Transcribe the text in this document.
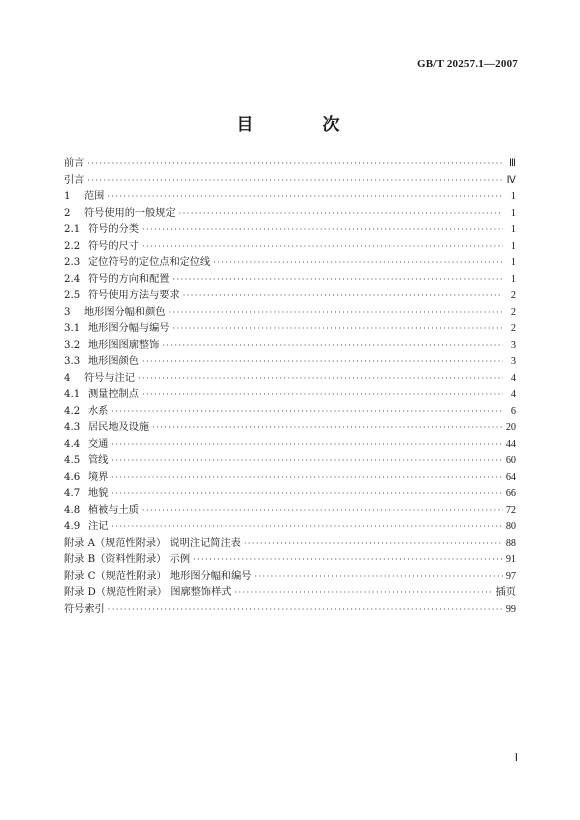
GB/T 20257.1—2007
目　次
前言 ·····	Ⅲ
引言 ·····	Ⅳ
1 范围 ·····	1
2 符号使用的一般规定 ·····	1
2.1 符号的分类 ·····	1
2.2 符号的尺寸 ·····	1
2.3 定位符号的定位点和定位线 ·····	1
2.4 符号的方向和配置 ·····	1
2.5 符号使用方法与要求 ·····	2
3 地形图分幅和颜色 ·····	2
3.1 地形图分幅与编号 ·····	2
3.2 地形图图廓整饰 ·····	3
3.3 地形图颜色 ·····	3
4 符号与注记 ·····	4
4.1 测量控制点 ·····	4
4.2 水系 ·····	6
4.3 居民地及设施 ·····	20
4.4 交通 ·····	44
4.5 管线 ·····	60
4.6 境界 ·····	64
4.7 地貌 ·····	66
4.8 植被与土质 ·····	72
4.9 注记 ·····	80
附录 A（规范性附录） 说明注记简注表 ·····	88
附录 B（资料性附录） 示例 ·····	91
附录 C（规范性附录） 地形图分幅和编号 ·····	97
附录 D（规范性附录） 图廓整饰样式 ·····	插页
符号索引 ·····	99
Ⅰ
